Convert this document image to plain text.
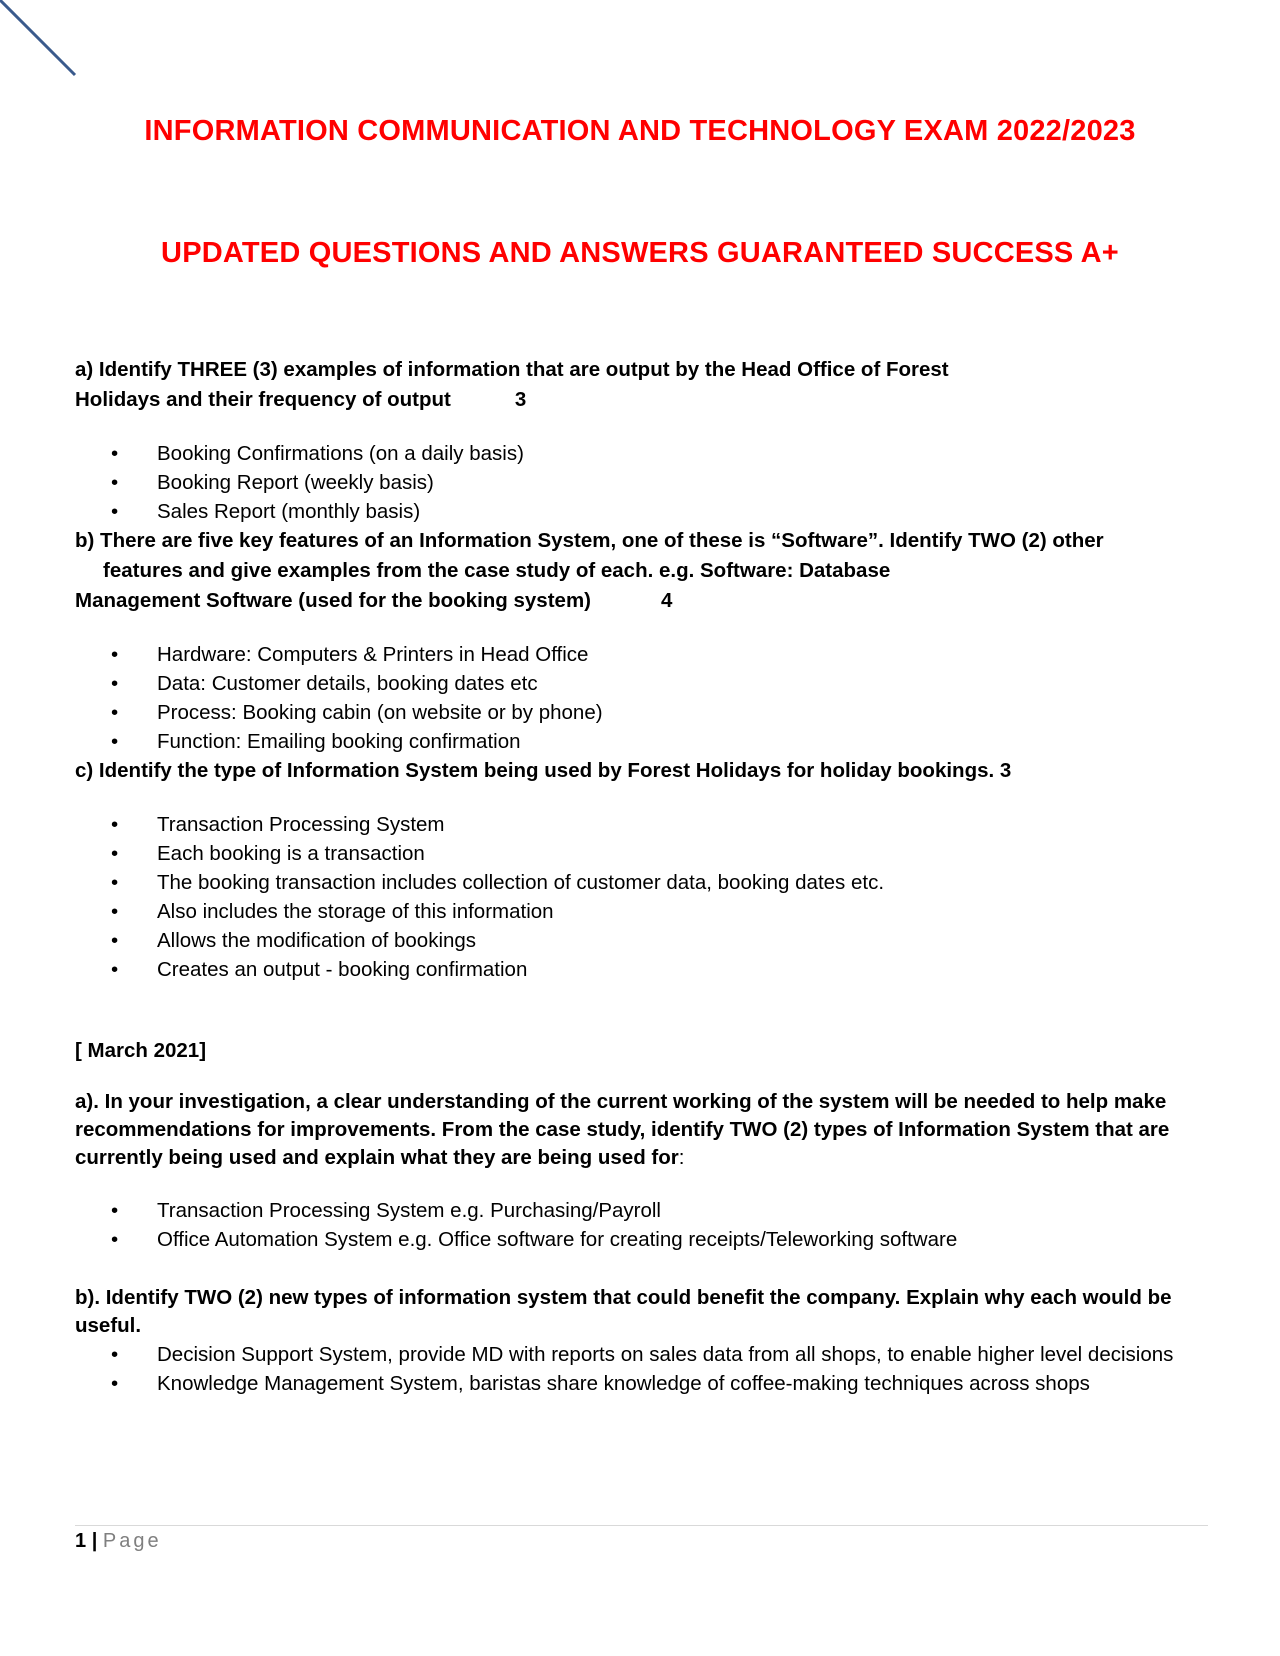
INFORMATION COMMUNICATION AND TECHNOLOGY EXAM 2022/2023
UPDATED QUESTIONS AND ANSWERS GUARANTEED SUCCESS A+
a) Identify THREE (3) examples of information that are output by the Head Office of Forest
Holidays and their frequency of output	3
• Booking Confirmations (on a daily basis)
• Booking Report (weekly basis)
• Sales Report (monthly basis)
b) There are five key features of an Information System, one of these is “Software”. Identify TWO (2) other
features and give examples from the case study of each. e.g. Software: Database
Management Software (used for the booking system)	4
• Hardware: Computers & Printers in Head Office
• Data: Customer details, booking dates etc
• Process: Booking cabin (on website or by phone)
• Function: Emailing booking confirmation
c) Identify the type of Information System being used by Forest Holidays for holiday bookings. 3
• Transaction Processing System
• Each booking is a transaction
• The booking transaction includes collection of customer data, booking dates etc.
• Also includes the storage of this information
• Allows the modification of bookings
• Creates an output - booking confirmation
[ March 2021]
a). In your investigation, a clear understanding of the current working of the system will be needed to help make
recommendations for improvements. From the case study, identify TWO (2) types of Information System that are
currently being used and explain what they are being used for:
• Transaction Processing System e.g. Purchasing/Payroll
• Office Automation System e.g. Office software for creating receipts/Teleworking software
b). Identify TWO (2) new types of information system that could benefit the company. Explain why each would be
useful.
• Decision Support System, provide MD with reports on sales data from all shops, to enable higher level decisions
• Knowledge Management System, baristas share knowledge of coffee-making techniques across shops
1 | Page
